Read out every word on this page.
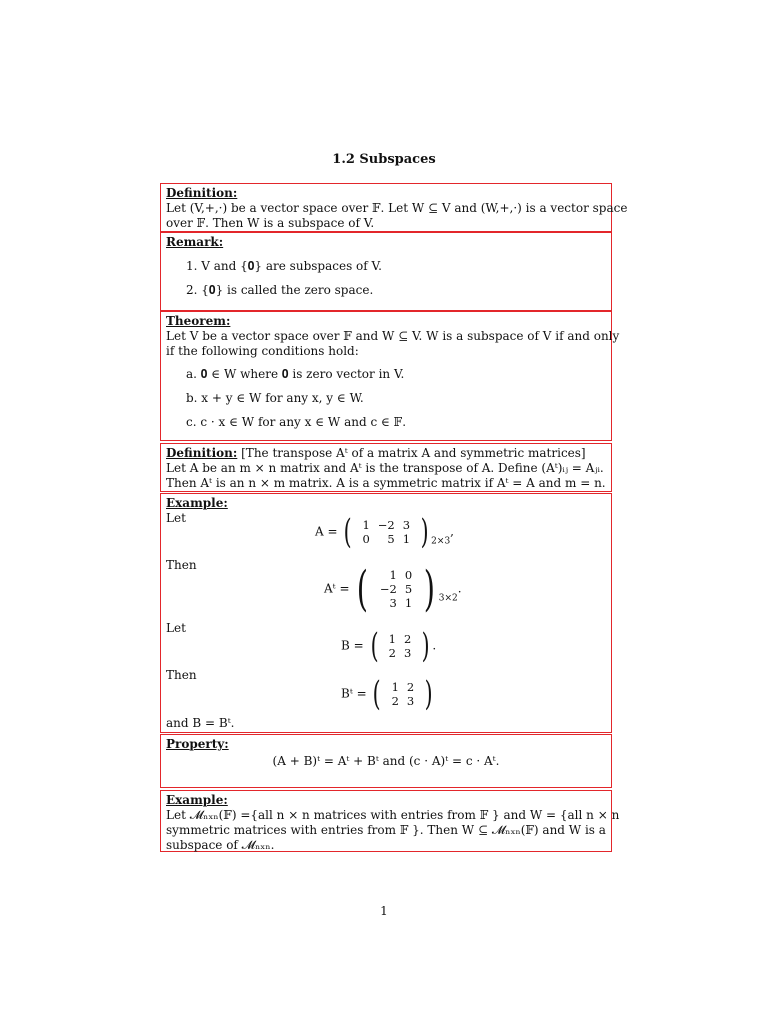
1.2 Subspaces
Definition:
Let (V,+,·) be a vector space over 𝔽. Let W ⊆ V and (W,+,·) is a vector space
over 𝔽. Then W is a subspace of V.
Remark:
1. V and {𝟎} are subspaces of V.
2. {𝟎} is called the zero space.
Theorem:
Let V be a vector space over 𝔽 and W ⊆ V. W is a subspace of V if and only
if the following conditions hold:
a. 𝟎 ∈ W where 𝟎 is zero vector in V.
b. x + y ∈ W for any x, y ∈ W.
c. c · x ∈ W for any x ∈ W and c ∈ 𝔽.
Definition: [The transpose Aᵗ of a matrix A and symmetric matrices]
Let A be an m × n matrix and Aᵗ is the transpose of A. Define (Aᵗ)ᵢⱼ = Aⱼᵢ.
Then Aᵗ is an n × m matrix. A is a symmetric matrix if Aᵗ = A and m = n.
Example:
Let
Then
Let
Then
and B = Bᵗ.
A = ( 1	−2	3
0	5	1 ) $_{2\times 3}$,
Aᵗ = ( 1	0
−2	5
3	1 ) $_{3\times 2}$.
B = ( 1	2
2	3 ) .
Bᵗ = ( 1	2
2	3 )
Property:
(A + B)ᵗ = Aᵗ + Bᵗ and (c · A)ᵗ = c · Aᵗ.
Example:
Let 𝓜ₙₓₙ(𝔽) ={all n × n matrices with entries from 𝔽 } and W = {all n × n
symmetric matrices with entries from 𝔽 }. Then W ⊆ 𝓜ₙₓₙ(𝔽) and W is a
subspace of 𝓜ₙₓₙ.
1
